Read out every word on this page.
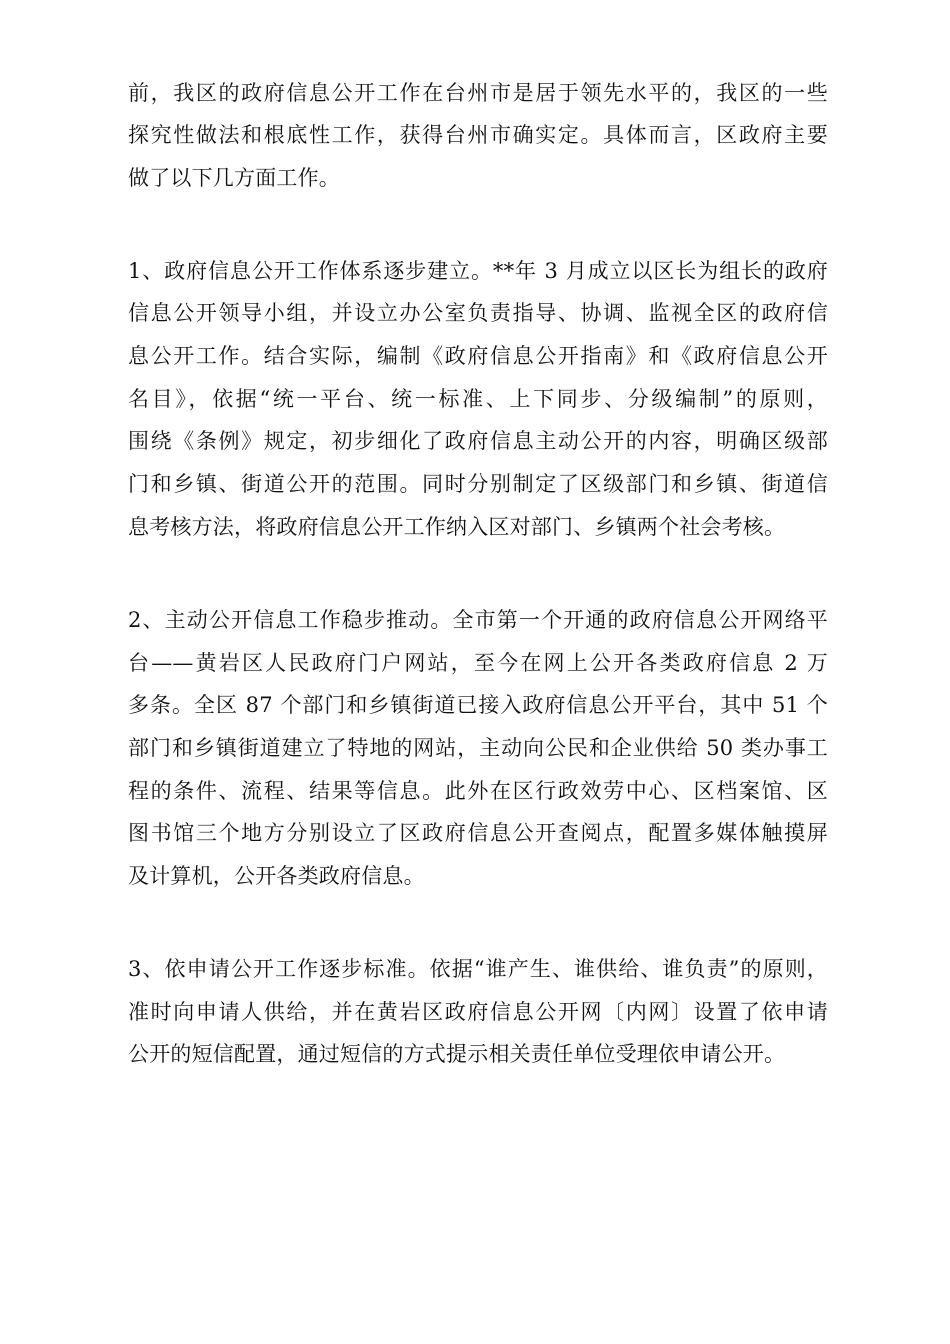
前，我区的政府信息公开工作在台州市是居于领先水平的，我区的一些
探究性做法和根底性工作，获得台州市确实定。具体而言，区政府主要
做了以下几方面工作。
1、政府信息公开工作体系逐步建立。**年 3 月成立以区长为组长的政府
信息公开领导小组，并设立办公室负责指导、协调、监视全区的政府信
息公开工作。结合实际，编制《政府信息公开指南》和《政府信息公开
名目》，依据“统一平台、统一标准、上下同步、分级编制”的原则，
围绕《条例》规定，初步细化了政府信息主动公开的内容，明确区级部
门和乡镇、街道公开的范围。同时分别制定了区级部门和乡镇、街道信
息考核方法，将政府信息公开工作纳入区对部门、乡镇两个社会考核。
2、主动公开信息工作稳步推动。全市第一个开通的政府信息公开网络平
台——黄岩区人民政府门户网站，至今在网上公开各类政府信息 2 万
多条。全区 87 个部门和乡镇街道已接入政府信息公开平台，其中 51 个
部门和乡镇街道建立了特地的网站，主动向公民和企业供给 50 类办事工
程的条件、流程、结果等信息。此外在区行政效劳中心、区档案馆、区
图书馆三个地方分别设立了区政府信息公开查阅点，配置多媒体触摸屏
及计算机，公开各类政府信息。
3、依申请公开工作逐步标准。依据“谁产生、谁供给、谁负责”的原则，
准时向申请人供给，并在黄岩区政府信息公开网〔内网〕设置了依申请
公开的短信配置，通过短信的方式提示相关责任单位受理依申请公开。
